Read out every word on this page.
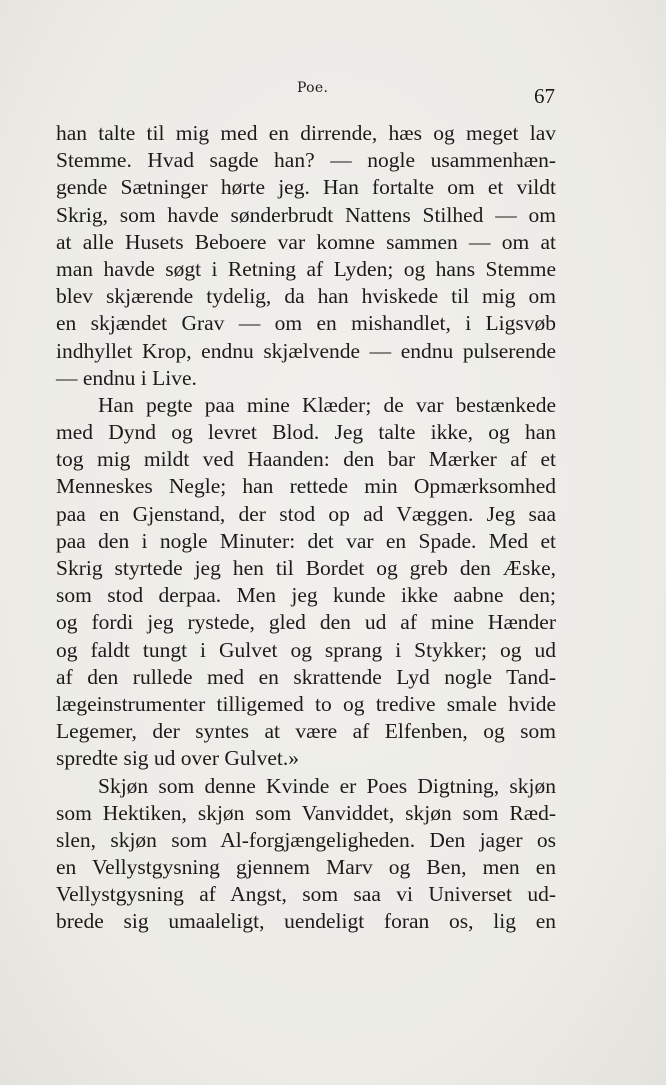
Poe.	67
han talte til mig med en dirrende, hæs og meget lav
Stemme. Hvad sagde han? — nogle usammenhæn-
gende Sætninger hørte jeg. Han fortalte om et vildt
Skrig, som havde sønderbrudt Nattens Stilhed — om
at alle Husets Beboere var komne sammen — om at
man havde søgt i Retning af Lyden; og hans Stemme
blev skjærende tydelig, da han hviskede til mig om
en skjændet Grav — om en mishandlet, i Ligsvøb
indhyllet Krop, endnu skjælvende — endnu pulserende
— endnu i Live.
Han pegte paa mine Klæder; de var bestænkede
med Dynd og levret Blod. Jeg talte ikke, og han
tog mig mildt ved Haanden: den bar Mærker af et
Menneskes Negle; han rettede min Opmærksomhed
paa en Gjenstand, der stod op ad Væggen. Jeg saa
paa den i nogle Minuter: det var en Spade. Med et
Skrig styrtede jeg hen til Bordet og greb den Æske,
som stod derpaa. Men jeg kunde ikke aabne den;
og fordi jeg rystede, gled den ud af mine Hænder
og faldt tungt i Gulvet og sprang i Stykker; og ud
af den rullede med en skrattende Lyd nogle Tand-
lægeinstrumenter tilligemed to og tredive smale hvide
Legemer, der syntes at være af Elfenben, og som
spredte sig ud over Gulvet.»
Skjøn som denne Kvinde er Poes Digtning, skjøn
som Hektiken, skjøn som Vanviddet, skjøn som Ræd-
slen, skjøn som Al-forgjængeligheden. Den jager os
en Vellystgysning gjennem Marv og Ben, men en
Vellystgysning af Angst, som saa vi Universet ud-
brede sig umaaleligt, uendeligt foran os, lig en
